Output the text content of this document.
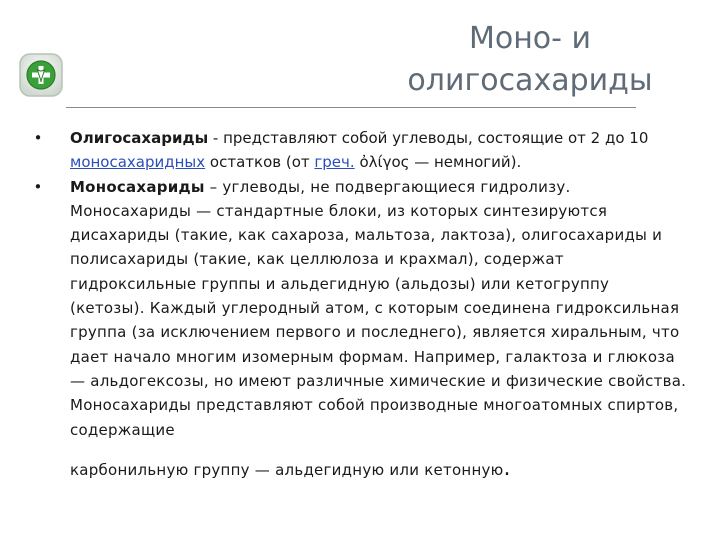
Моно- и
олигосахариды
•	Олигосахариды - представляют собой углеводы, состоящие от 2 до 10 моносахаридных остатков (от греч. ὀλίγος — немногий).
•	Моносахариды – углеводы, не подвергающиеся гидролизу. Моносахариды — стандартные блоки, из которых синтезируются дисахариды (такие, как сахароза, мальтоза, лактоза), олигосахариды и полисахариды (такие, как целлюлоза и крахмал), содержат гидроксильные группы и альдегидную (альдозы) или кетогруппу (кетозы). Каждый углеродный атом, с которым соединена гидроксильная группа (за исключением первого и последнего), является хиральным, что дает начало многим изомерным формам. Например, галактоза и глюкоза — альдогексозы, но имеют различные химические и физические свойства. Моносахариды представляют собой производные многоатомных спиртов, содержащие
карбонильную группу — альдегидную или кетонную.
